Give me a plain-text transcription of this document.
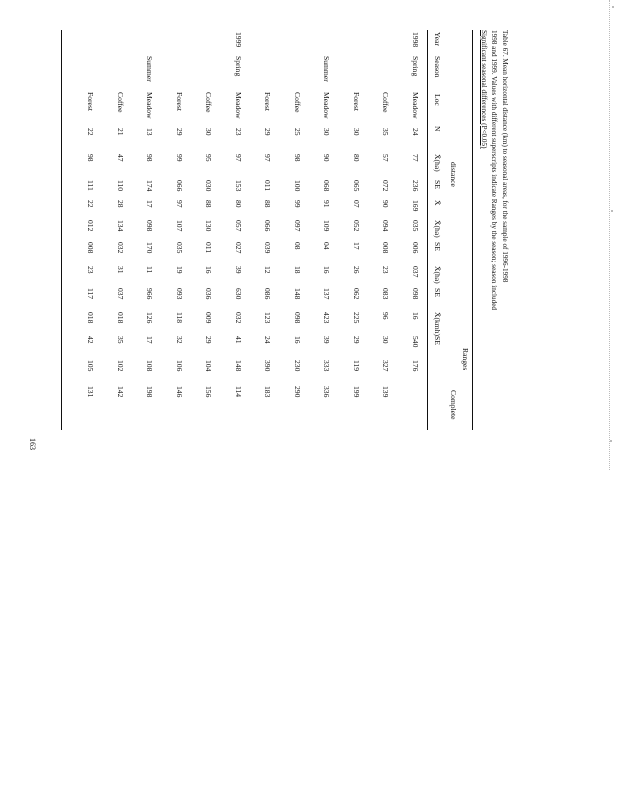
Table 67. Mean horizontal distance (km) to seasonal areas, for the sample of 1996-1998
1998 and 1999. Values with different superscripts indicate Ranges by the season; season included
Significant seasonal differences (P<0.05)
Ranges
distance
Complete
Year
Season
Loc
N
X̄(ha)
SE
X̄
X̄(ha)
SE
X̄(ha)
SE
X̄(kmh)
SE
1998
Spring
Meadow
24
77
236
169
035
006
037
098
16
540
176
Coffee
35
57
072
90
094
008
23
083
96
30
327
139
Forest
30
80
065
07
052
17
26
062
225
29
119
199
Summer
Meadow
30
90
068
91
109
04
16
137
423
39
333
336
Coffee
25
98
100
99
097
08
18
148
098
16
230
290
Forest
29
97
011
88
066
039
12
086
123
24
390
183
1999
Spring
Meadow
23
97
153
80
057
027
39
630
032
41
148
114
Coffee
30
95
030
88
130
011
16
036
009
29
104
156
Forest
29
99
066
97
107
035
19
093
118
32
106
146
Summer
Meadow
13
98
174
17
098
170
11
966
126
17
108
198
Coffee
21
47
110
28
134
032
31
037
018
35
102
142
Forest
22
98
111
22
012
008
23
117
018
42
105
131
163
